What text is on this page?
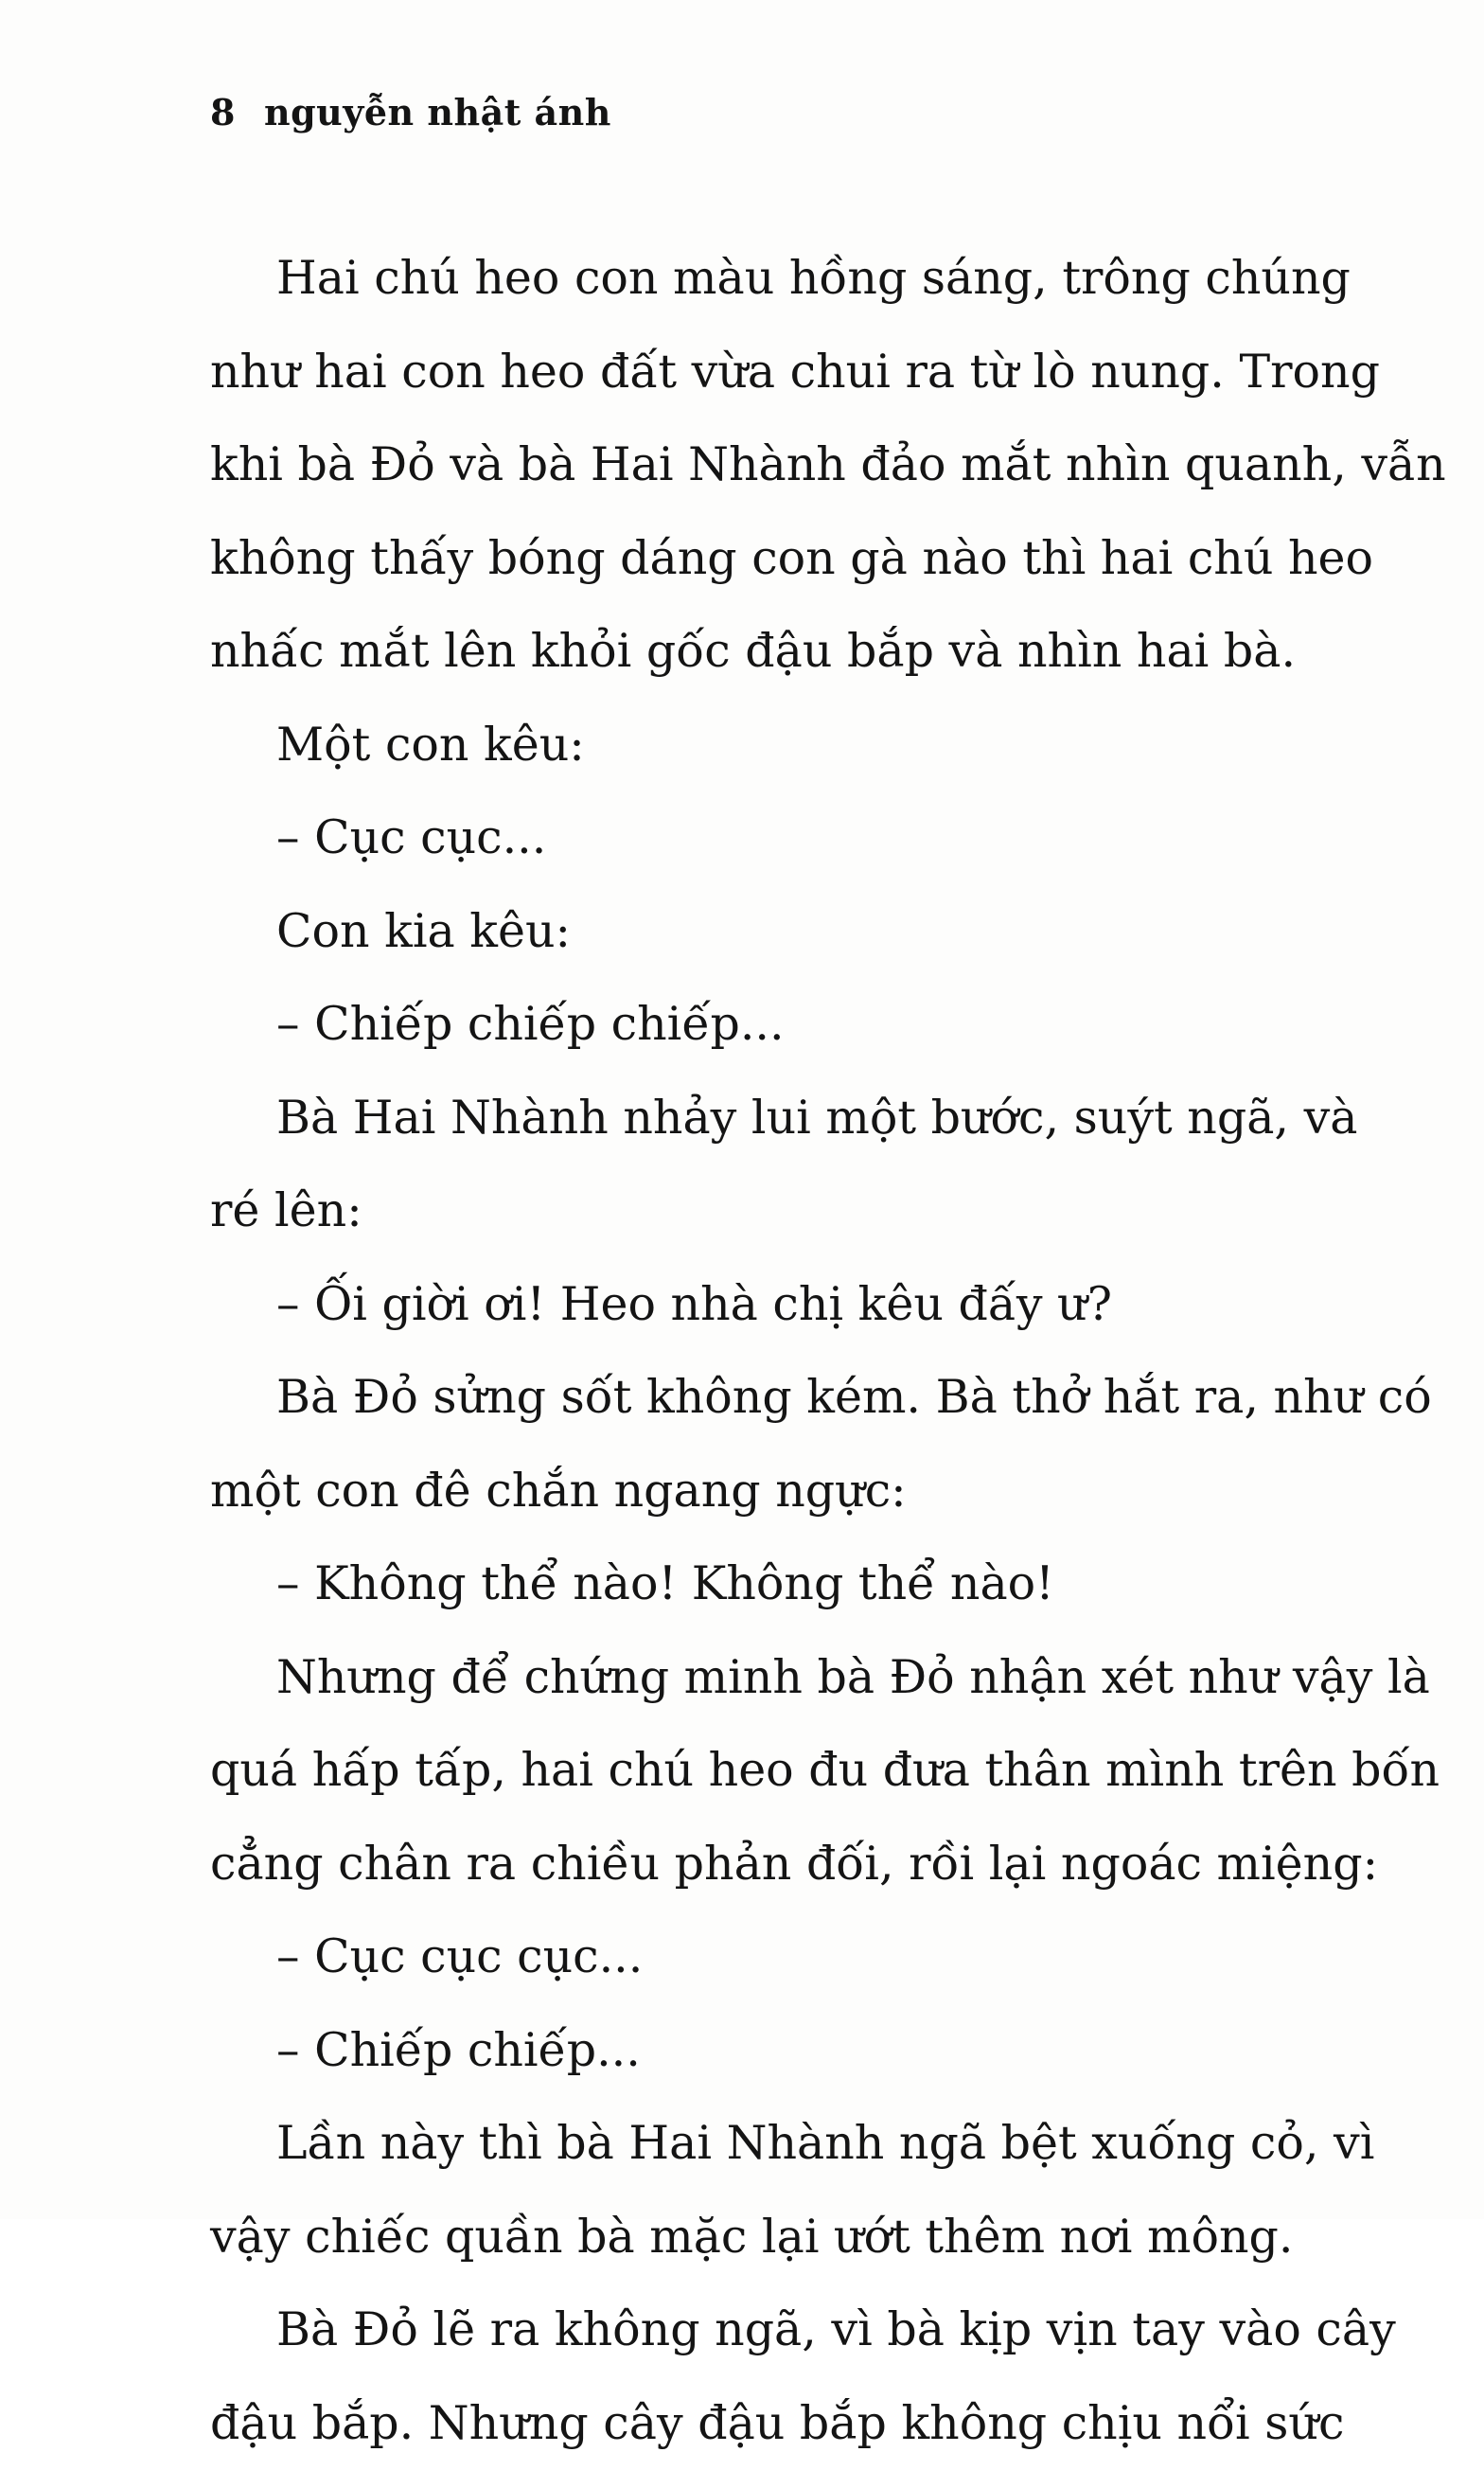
8 nguyễn nhật ánh
Hai chú heo con màu hồng sáng, trông chúng
như hai con heo đất vừa chui ra từ lò nung. Trong
khi bà Đỏ và bà Hai Nhành đảo mắt nhìn quanh, vẫn
không thấy bóng dáng con gà nào thì hai chú heo
nhấc mắt lên khỏi gốc đậu bắp và nhìn hai bà.
Một con kêu:
– Cục cục...
Con kia kêu:
– Chiếp chiếp chiếp...
Bà Hai Nhành nhảy lui một bước, suýt ngã, và
ré lên:
– Ối giời ơi! Heo nhà chị kêu đấy ư?
Bà Đỏ sửng sốt không kém. Bà thở hắt ra, như có
một con đê chắn ngang ngực:
– Không thể nào! Không thể nào!
Nhưng để chứng minh bà Đỏ nhận xét như vậy là
quá hấp tấp, hai chú heo đu đưa thân mình trên bốn
cẳng chân ra chiều phản đối, rồi lại ngoác miệng:
– Cục cục cục...
– Chiếp chiếp...
Lần này thì bà Hai Nhành ngã bệt xuống cỏ, vì
vậy chiếc quần bà mặc lại ướt thêm nơi mông.
Bà Đỏ lẽ ra không ngã, vì bà kịp vịn tay vào cây
đậu bắp. Nhưng cây đậu bắp không chịu nổi sức
